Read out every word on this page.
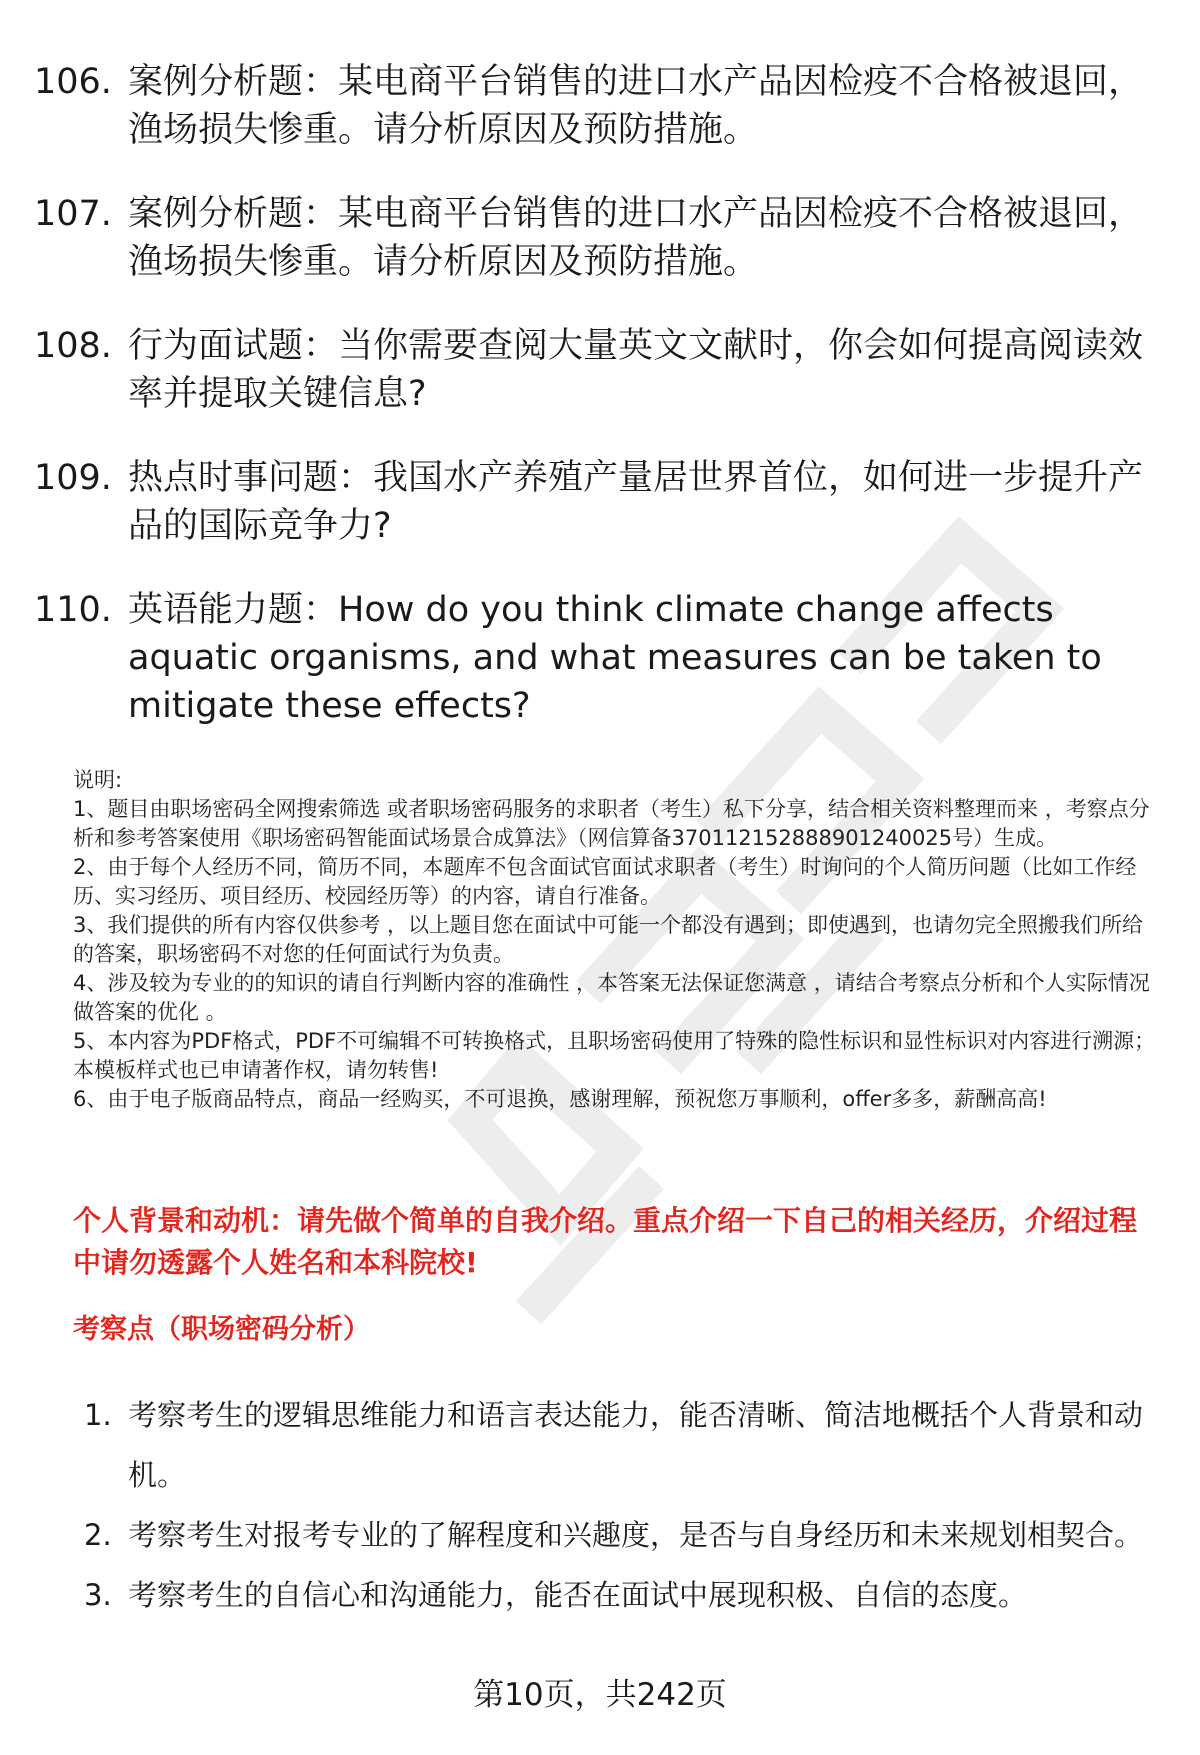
106. 案例分析题：某电商平台销售的进口水产品因检疫不合格被退回，渔场损失惨重。请分析原因及预防措施。
107. 案例分析题：某电商平台销售的进口水产品因检疫不合格被退回，渔场损失惨重。请分析原因及预防措施。
108. 行为面试题：当你需要查阅大量英文文献时，你会如何提高阅读效率并提取关键信息?
109. 热点时事问题：我国水产养殖产量居世界首位，如何进一步提升产品的国际竞争力?
110. 英语能力题：How do you think climate change affects aquatic organisms, and what measures can be taken to mitigate these effects?

说明:

1、题目由职场密码全网搜索筛选 或者职场密码服务的求职者（考生）私下分享，结合相关资料整理而来 ，考察点分析和参考答案使用《职场密码智能面试场景合成算法》（网信算备370112152888901240025号）生成。

2、由于每个人经历不同，简历不同，本题库不包含面试官面试求职者（考生）时询问的个人简历问题（比如工作经历、实习经历、项目经历、校园经历等）的内容，请自行准备。

3、我们提供的所有内容仅供参考 ，以上题目您在面试中可能一个都没有遇到；即使遇到，也请勿完全照搬我们所给的答案，职场密码不对您的任何面试行为负责。

4、涉及较为专业的的知识的请自行判断内容的准确性 ，本答案无法保证您满意 ，请结合考察点分析和个人实际情况做答案的优化 。

5、本内容为PDF格式，PDF不可编辑不可转换格式，且职场密码使用了特殊的隐性标识和显性标识对内容进行溯源；本模板样式也已申请著作权，请勿转售!

6、由于电子版商品特点，商品一经购买，不可退换，感谢理解，预祝您万事顺利，offer多多，薪酬高高!

个人背景和动机：请先做个简单的自我介绍。重点介绍一下自己的相关经历，介绍过程中请勿透露个人姓名和本科院校!
考察点（职场密码分析）
1. 考察考生的逻辑思维能力和语言表达能力，能否清晰、简洁地概括个人背景和动机。
2. 考察考生对报考专业的了解程度和兴趣度，是否与自身经历和未来规划相契合。
3. 考察考生的自信心和沟通能力，能否在面试中展现积极、自信的态度。
第10页，共242页
